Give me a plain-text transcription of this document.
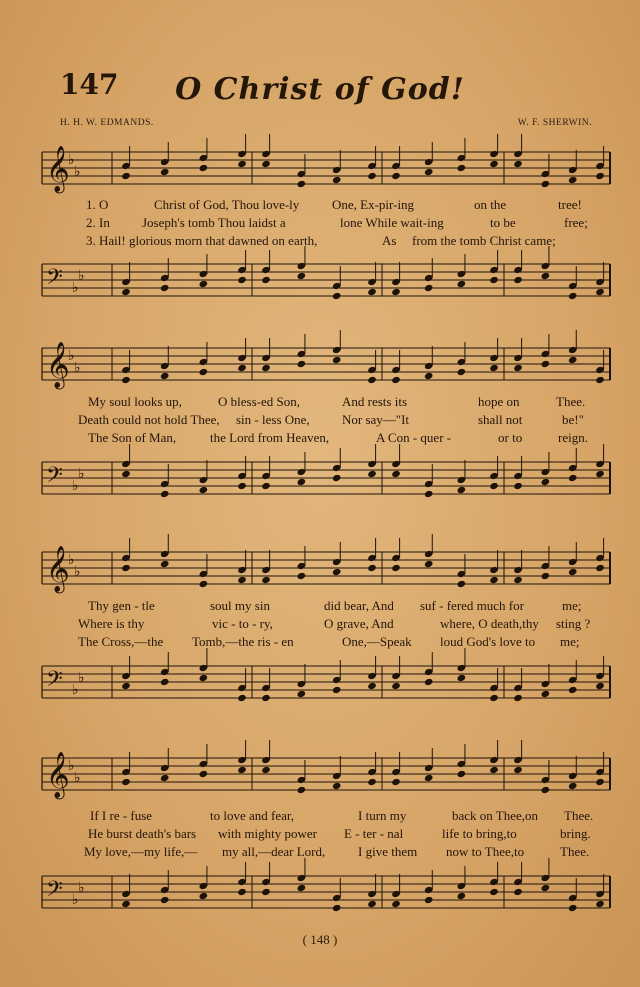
147	O Christ of God!
H. H. W. EDMANDS.	W. F. SHERWIN.
𝄞
♭
♭
1. O	Christ of God, Thou love-ly	One, Ex-pir-ing	on the	tree!
2. In Joseph's tomb Thou laidst a	lone While wait-ing	to be	free;
3. Hail! glorious morn that dawned on earth,	As from the tomb Christ came;
𝄢 ♭
♭
𝄞
♭
♭
My soul looks up,	O bless-ed Son,	And rests its	hope on	Thee.
Death could not hold Thee, sin - less One, Nor say—"It	shall not	be!"
The Son of Man,	the Lord from Heaven,	A Con - quer -	or to	reign.
𝄢 ♭
♭
𝄞
♭
♭
Thy gen - tle	soul my sin	did bear, And suf - fered much for	me;
Where is thy	vic - to - ry,	O grave, And	where, O death,thy sting ?
The Cross,—the Tomb,—the ris - en	One,—Speak loud God's love to me;
𝄢 ♭
♭
𝄞
♭
♭
If I re - fuse	to love and fear,	I turn my	back on Thee,on Thee.
He burst death's bars with mighty power E - ter - nal	life to bring,to	bring.
My love,—my life,— my all,—dear Lord,	I give them now to Thee,to	Thee.
𝄢 ♭
♭
( 148 )
